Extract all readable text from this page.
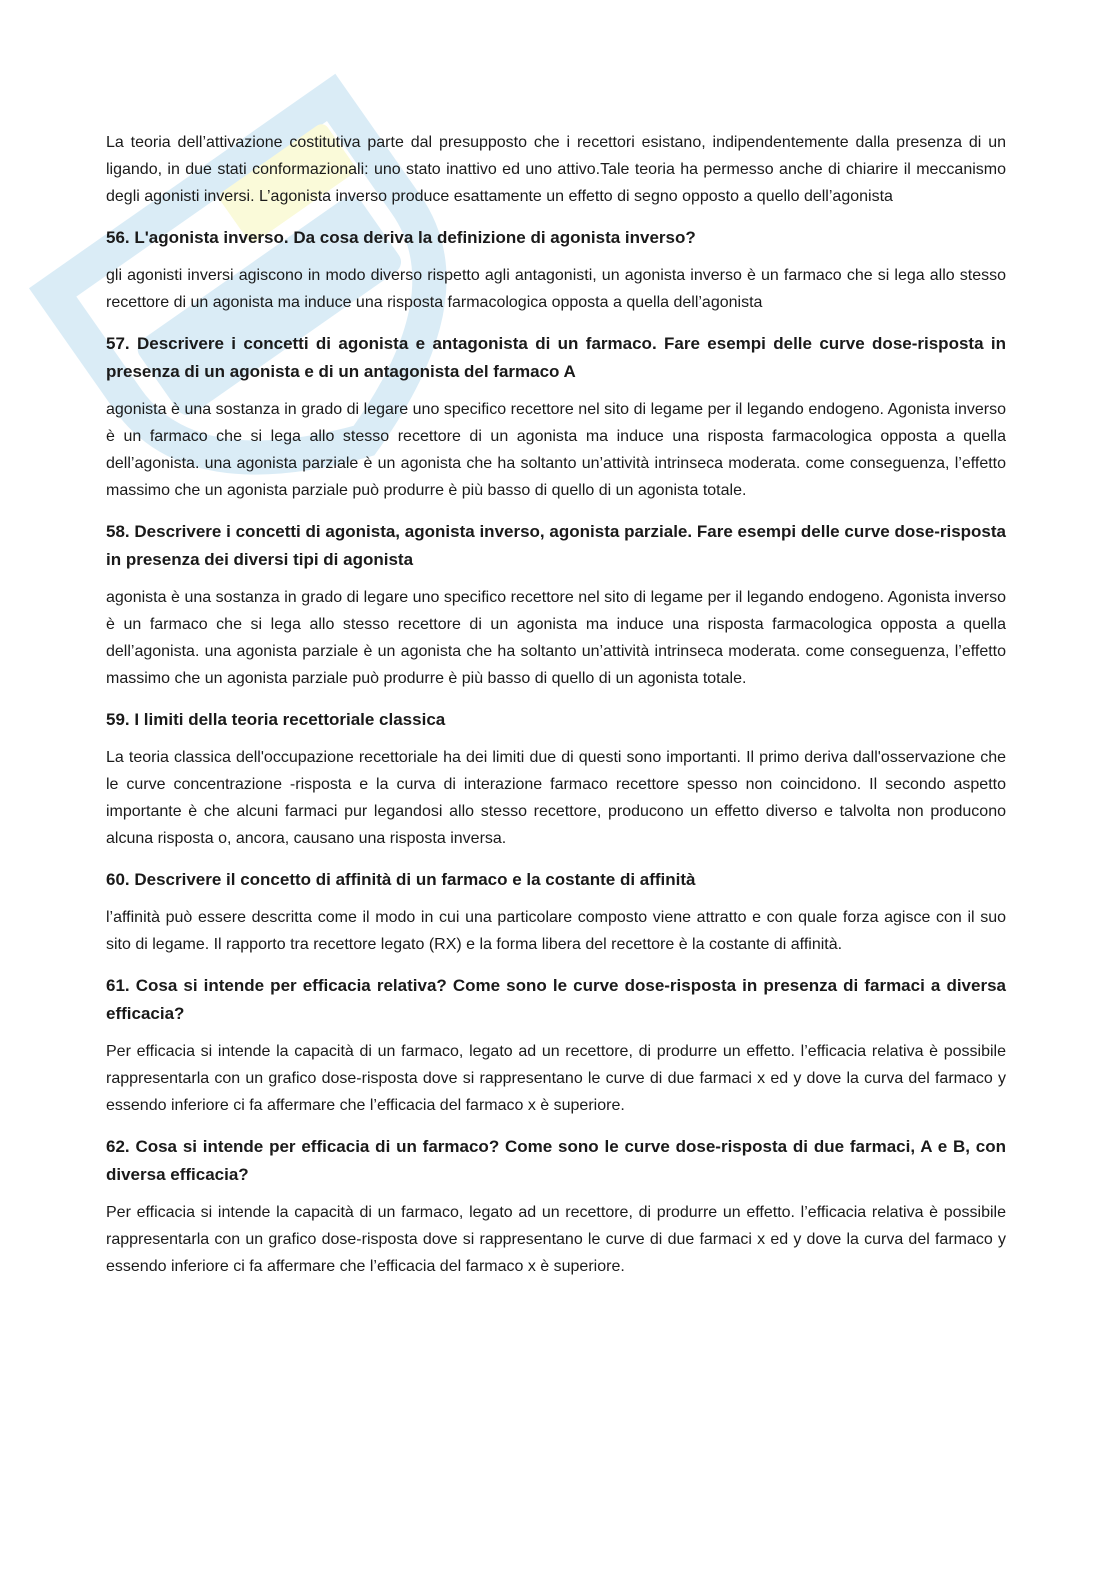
La teoria dell’attivazione costitutiva parte dal presupposto che i recettori esistano, indipendentemente dalla presenza di un ligando, in due stati conformazionali: uno stato inattivo ed uno attivo.Tale teoria ha permesso anche di chiarire il meccanismo degli agonisti inversi. L’agonista inverso produce esattamente un effetto di segno opposto a quello dell’agonista

56. L'agonista inverso. Da cosa deriva la definizione di agonista inverso?

gli agonisti inversi agiscono in modo diverso rispetto agli antagonisti, un agonista inverso è un farmaco che si lega allo stesso recettore di un agonista ma induce una risposta farmacologica opposta a quella dell’agonista

57. Descrivere i concetti di agonista e antagonista di un farmaco. Fare esempi delle curve dose-risposta in presenza di un agonista e di un antagonista del farmaco A

agonista è una sostanza in grado di legare uno specifico recettore nel sito di legame per il legando endogeno. Agonista inverso è un farmaco che si lega allo stesso recettore di un agonista ma induce una risposta farmacologica opposta a quella dell’agonista. una agonista parziale è un agonista che ha soltanto un’attività intrinseca moderata. come conseguenza, l’effetto massimo che un agonista parziale può produrre è più basso di quello di un agonista totale.

58. Descrivere i concetti di agonista, agonista inverso, agonista parziale. Fare esempi delle curve dose-risposta in presenza dei diversi tipi di agonista

agonista è una sostanza in grado di legare uno specifico recettore nel sito di legame per il legando endogeno. Agonista inverso è un farmaco che si lega allo stesso recettore di un agonista ma induce una risposta farmacologica opposta a quella dell’agonista. una agonista parziale è un agonista che ha soltanto un’attività intrinseca moderata. come conseguenza, l’effetto massimo che un agonista parziale può produrre è più basso di quello di un agonista totale.

59. I limiti della teoria recettoriale classica

La teoria classica dell'occupazione recettoriale ha dei limiti due di questi sono importanti. Il primo deriva dall'osservazione che le curve concentrazione -risposta e la curva di interazione farmaco recettore spesso non coincidono. Il secondo aspetto importante è che alcuni farmaci pur legandosi allo stesso recettore, producono un effetto diverso e talvolta non producono alcuna risposta o, ancora, causano una risposta inversa.

60. Descrivere il concetto di affinità di un farmaco e la costante di affinità

l’affinità può essere descritta come il modo in cui una particolare composto viene attratto e con quale forza agisce con il suo sito di legame. Il rapporto tra recettore legato (RX) e la forma libera del recettore è la costante di affinità.

61. Cosa si intende per efficacia relativa? Come sono le curve dose-risposta in presenza di farmaci a diversa efficacia?

Per efficacia si intende la capacità di un farmaco, legato ad un recettore, di produrre un effetto. l’efficacia relativa è possibile rappresentarla con un grafico dose-risposta dove si rappresentano le curve di due farmaci x ed y dove la curva del farmaco y essendo inferiore ci fa affermare che l’efficacia del farmaco x è superiore.

62. Cosa si intende per efficacia di un farmaco? Come sono le curve dose-risposta di due farmaci, A e B, con diversa efficacia?

Per efficacia si intende la capacità di un farmaco, legato ad un recettore, di produrre un effetto. l’efficacia relativa è possibile rappresentarla con un grafico dose-risposta dove si rappresentano le curve di due farmaci x ed y dove la curva del farmaco y essendo inferiore ci fa affermare che l’efficacia del farmaco x è superiore.
